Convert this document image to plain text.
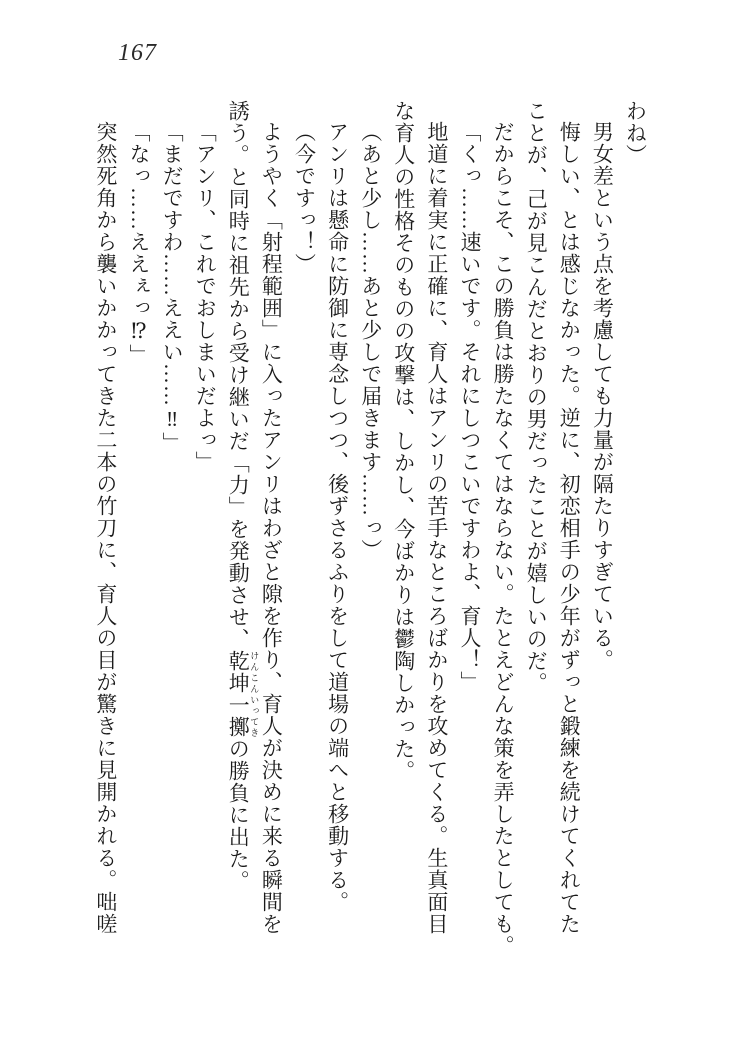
167
わね）
男女差という点を考慮しても力量が隔たりすぎている。
悔しい、とは感じなかった。逆に、初恋相手の少年がずっと鍛練を続けてくれてた
ことが、己が見こんだとおりの男だったことが嬉しいのだ。
だからこそ、この勝負は勝たなくてはならない。たとえどんな策を弄したとしても。
「くっ……速いです。それにしつこいですわよ、育人！」
地道に着実に正確に、育人はアンリの苦手なところばかりを攻めてくる。生真面目
な育人の性格そのものの攻撃は、しかし、今ばかりは鬱陶しかった。
（あと少し……あと少しで届きます……っ）
アンリは懸命に防御に専念しつつ、後ずさるふりをして道場の端へと移動する。
（今ですっ！）
ようやく「射程範囲」に入ったアンリはわざと隙を作り、育人が決めに来る瞬間を
誘う。と同時に祖先から受け継いだ「力」を発動させ、乾坤一擲 けんこんいってきの勝負に出た。
「アンリ、これでおしまいだよっ」
「まだですわ……ええい……‼」
「なっ……ええぇっ⁉」
突然死角から襲いかかってきた二本の竹刀に、育人の目が驚きに見開かれる。咄嗟
